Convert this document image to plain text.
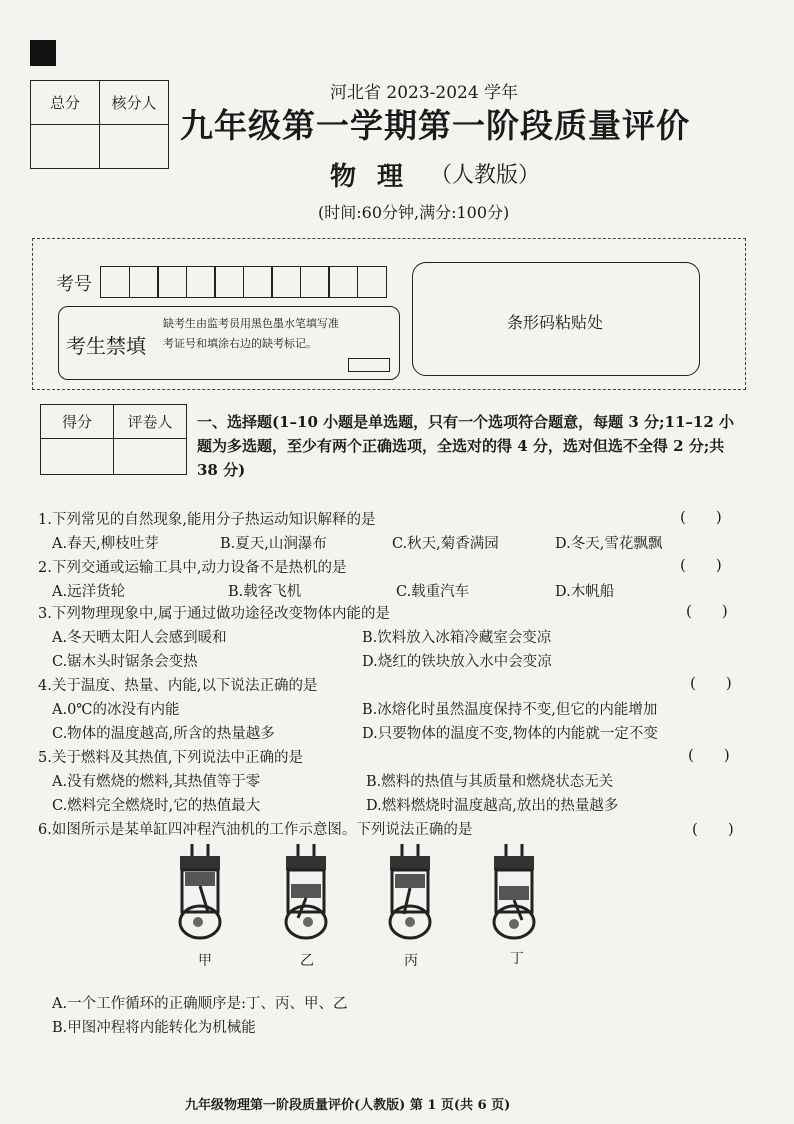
总分	核分人
		河北省 2023-2024 学年
九年级第一学期第一阶段质量评价
物 理 （人教版）
(时间:60分钟,满分:100分)
考号
考生禁填
缺考生由监考员用黑色墨水笔填写准考证号和填涂右边的缺考标记。
条形码粘贴处
得分	评卷人
	一、选择题(1–10 小题是单选题，只有一个选项符合题意，每题 3 分;11–12 小题为多选题，至少有两个正确选项，全选对的得 4 分，选对但选不全得 2 分;共 38 分)
1.下列常见的自然现象,能用分子热运动知识解释的是	(　　)
A.春天,柳枝吐芽	B.夏天,山涧瀑布	C.秋天,菊香满园	D.冬天,雪花飘飘
2.下列交通或运输工具中,动力设备不是热机的是	(　　)
A.远洋货轮	B.载客飞机	C.载重汽车	D.木帆船
3.下列物理现象中,属于通过做功途径改变物体内能的是	(　　)
A.冬天晒太阳人会感到暖和	B.饮料放入冰箱冷藏室会变凉
C.锯木头时锯条会变热	D.烧红的铁块放入水中会变凉
4.关于温度、热量、内能,以下说法正确的是	(　　)
A.0℃的冰没有内能	B.冰熔化时虽然温度保持不变,但它的内能增加
C.物体的温度越高,所含的热量越多	D.只要物体的温度不变,物体的内能就一定不变
5.关于燃料及其热值,下列说法中正确的是	(　　)
A.没有燃烧的燃料,其热值等于零	B.燃料的热值与其质量和燃烧状态无关
C.燃料完全燃烧时,它的热值最大	D.燃料燃烧时温度越高,放出的热量越多
6.如图所示是某单缸四冲程汽油机的工作示意图。下列说法正确的是	(　　)
甲	乙	丙	丁
A.一个工作循环的正确顺序是:丁、丙、甲、乙
B.甲图冲程将内能转化为机械能
九年级物理第一阶段质量评价(人教版) 第 1 页(共 6 页)
